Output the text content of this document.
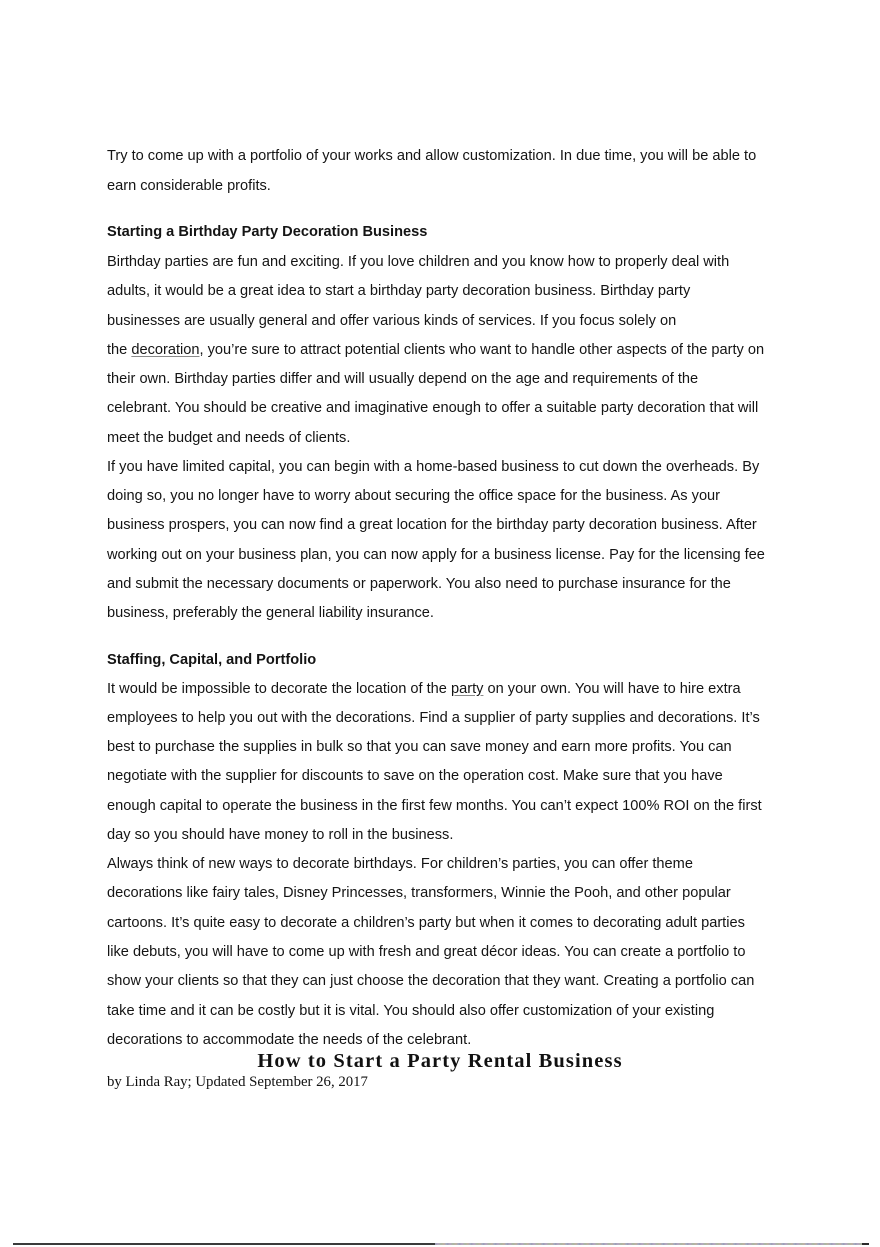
Try to come up with a portfolio of your works and allow customization. In due time, you will be able to
earn considerable profits.
Starting a Birthday Party Decoration Business
Birthday parties are fun and exciting. If you love children and you know how to properly deal with
adults, it would be a great idea to start a birthday party decoration business. Birthday party
businesses are usually general and offer various kinds of services. If you focus solely on
the decoration, you’re sure to attract potential clients who want to handle other aspects of the party on
their own. Birthday parties differ and will usually depend on the age and requirements of the
celebrant. You should be creative and imaginative enough to offer a suitable party decoration that will
meet the budget and needs of clients.
If you have limited capital, you can begin with a home-based business to cut down the overheads. By
doing so, you no longer have to worry about securing the office space for the business. As your
business prospers, you can now find a great location for the birthday party decoration business. After
working out on your business plan, you can now apply for a business license. Pay for the licensing fee
and submit the necessary documents or paperwork. You also need to purchase insurance for the
business, preferably the general liability insurance.
Staffing, Capital, and Portfolio
It would be impossible to decorate the location of the party on your own. You will have to hire extra
employees to help you out with the decorations. Find a supplier of party supplies and decorations. It’s
best to purchase the supplies in bulk so that you can save money and earn more profits. You can
negotiate with the supplier for discounts to save on the operation cost. Make sure that you have
enough capital to operate the business in the first few months. You can’t expect 100% ROI on the first
day so you should have money to roll in the business.
Always think of new ways to decorate birthdays. For children’s parties, you can offer theme
decorations like fairy tales, Disney Princesses, transformers, Winnie the Pooh, and other popular
cartoons. It’s quite easy to decorate a children’s party but when it comes to decorating adult parties
like debuts, you will have to come up with fresh and great décor ideas. You can create a portfolio to
show your clients so that they can just choose the decoration that they want. Creating a portfolio can
take time and it can be costly but it is vital. You should also offer customization of your existing
decorations to accommodate the needs of the celebrant.
How to Start a Party Rental Business
by Linda Ray; Updated September 26, 2017
